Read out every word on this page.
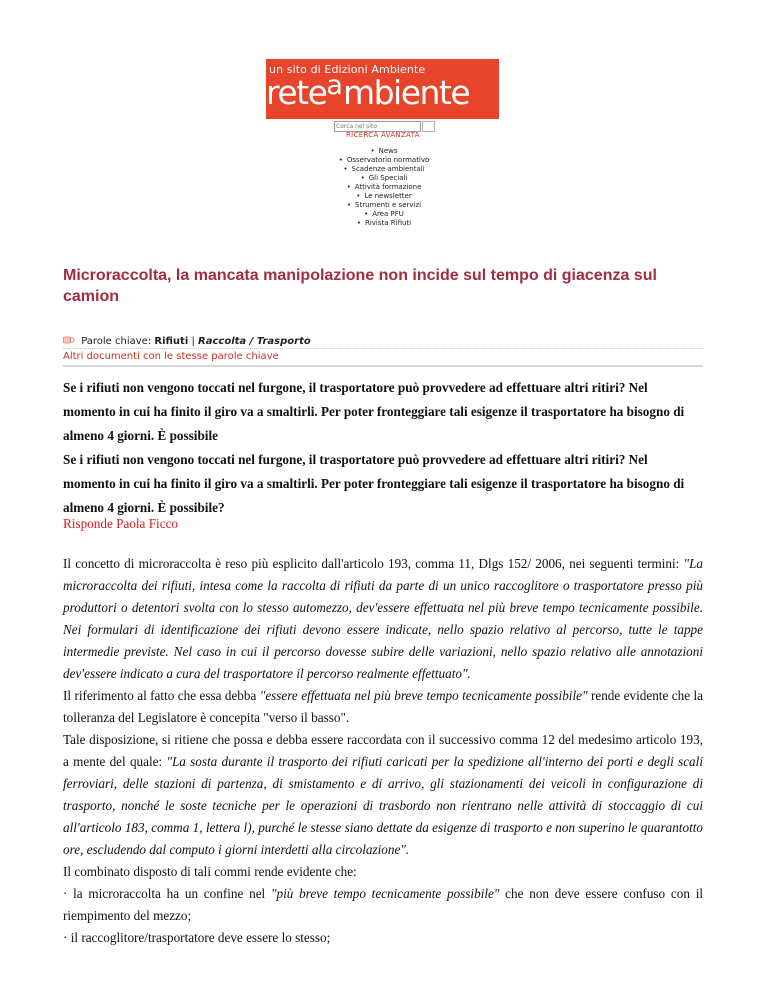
un sito di Edizioni Ambiente
rete$^a$mbiente
Cerca nel sito
RICERCA AVANZATA
• News
• Osservatorio normativo
• Scadenze ambientali
• Gli Speciali
• Attività formazione
• Le newsletter
• Strumenti e servizi
• Area PFU
• Rivista Rifiuti
Microraccolta, la mancata manipolazione non incide sul tempo di giacenza sul camion
Parole chiave: Rifiuti | Raccolta / Trasporto
Altri documenti con le stesse parole chiave

Se i rifiuti non vengono toccati nel furgone, il trasportatore può provvedere ad effettuare altri ritiri? Nel momento in cui ha finito il giro va a smaltirli. Per poter fronteggiare tali esigenze il trasportatore ha bisogno di almeno 4 giorni. È possibile

Se i rifiuti non vengono toccati nel furgone, il trasportatore può provvedere ad effettuare altri ritiri? Nel momento in cui ha finito il giro va a smaltirli. Per poter fronteggiare tali esigenze il trasportatore ha bisogno di almeno 4 giorni. È possibile?

Risponde Paola Ficco

Il concetto di microraccolta è reso più esplicito dall'articolo 193, comma 11, Dlgs 152/ 2006, nei seguenti termini: "La microraccolta dei rifiuti, intesa come la raccolta di rifiuti da parte di un unico raccoglitore o trasportatore presso più produttori o detentori svolta con lo stesso automezzo, dev'essere effettuata nel più breve tempo tecnicamente possibile. Nei formulari di identificazione dei rifiuti devono essere indicate, nello spazio relativo al percorso, tutte le tappe intermedie previste. Nel caso in cui il percorso dovesse subire delle variazioni, nello spazio relativo alle annotazioni dev'essere indicato a cura del trasportatore il percorso realmente effettuato".

Il riferimento al fatto che essa debba "essere effettuata nel più breve tempo tecnicamente possibile" rende evidente che la tolleranza del Legislatore è concepita "verso il basso".

Tale disposizione, si ritiene che possa e debba essere raccordata con il successivo comma 12 del medesimo articolo 193, a mente del quale: "La sosta durante il trasporto dei rifiuti caricati per la spedizione all'interno dei porti e degli scali ferroviari, delle stazioni di partenza, di smistamento e di arrivo, gli stazionamenti dei veicoli in configurazione di trasporto, nonché le soste tecniche per le operazioni di trasbordo non rientrano nelle attività di stoccaggio di cui all'articolo 183, comma 1, lettera l), purché le stesse siano dettate da esigenze di trasporto e non superino le quarantotto ore, escludendo dal computo i giorni interdetti alla circolazione".

Il combinato disposto di tali commi rende evidente che:

· la microraccolta ha un confine nel "più breve tempo tecnicamente possibile" che non deve essere confuso con il riempimento del mezzo;

· il raccoglitore/trasportatore deve essere lo stesso;
